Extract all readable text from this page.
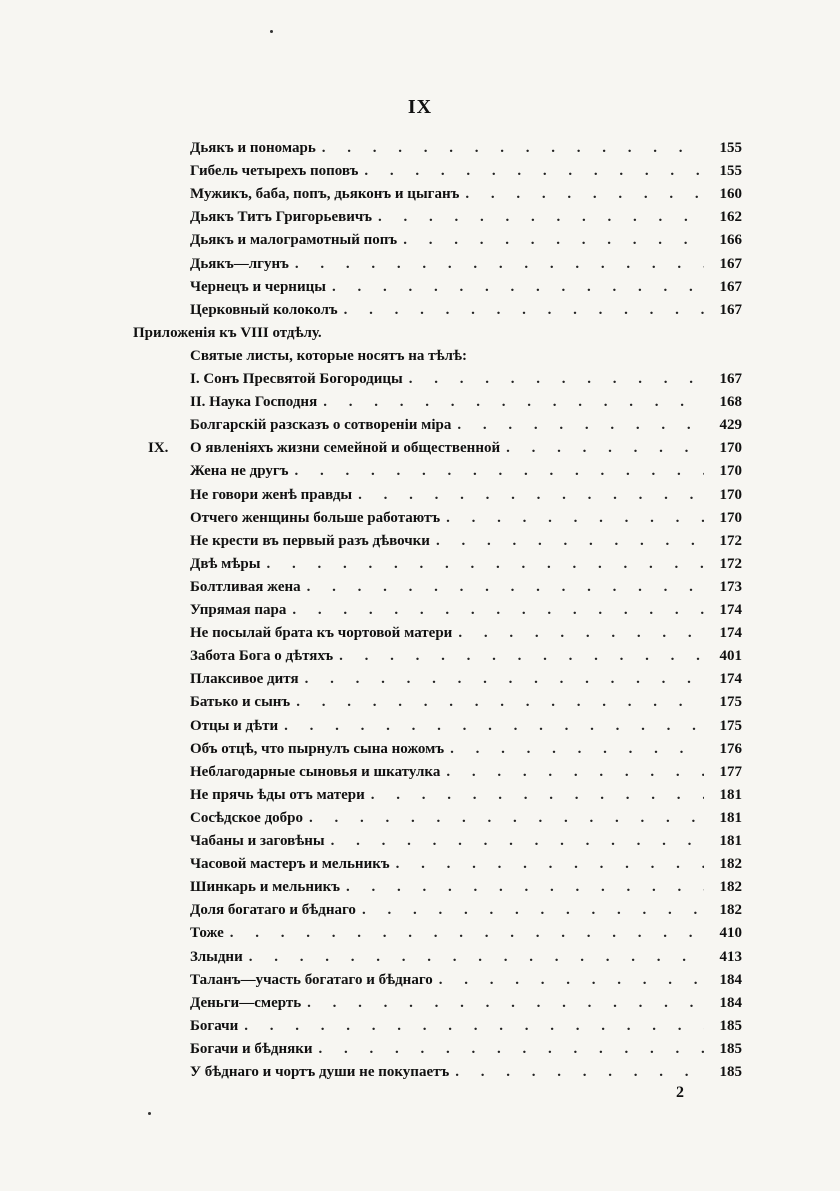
IX
Дьякъ и пономарь . . .	155
Гибель четырехъ поповъ . . .	155
Мужикъ, баба, попъ, дьяконъ и цыганъ . . .	160
Дьякъ Титъ Григорьевичъ . . .	162
Дьякъ и малограмотный попъ . . .	166
Дьякъ—лгунъ . . .	167
Чернецъ и черницы . . .	167
Церковный колоколъ . . .	167
Приложенія къ VIII отдѣлу.
Святые листы, которые носятъ на тѣлѣ:
I. Сонъ Пресвятой Богородицы . . .	167
II. Наука Господня . . .	168
Болгарскій разсказъ о сотвореніи міра . . .	429
IX.	О явленіяхъ жизни семейной и общественной . . .	170
Жена не другъ . . .	170
Не говори женѣ правды . . .	170
Отчего женщины больше работаютъ . . .	170
Не крести въ первый разъ дѣвочки . . .	172
Двѣ мѣры . . .	172
Болтливая жена . . .	173
Упрямая пара . . .	174
Не посылай брата къ чортовой матери . . .	174
Забота Бога о дѣтяхъ . . .	401
Плаксивое дитя . . .	174
Батько и сынъ . . .	175
Отцы и дѣти . . .	175
Объ отцѣ, что пырнулъ сына ножомъ . . .	176
Неблагодарные сыновья и шкатулка . . .	177
Не прячь ѣды отъ матери . . .	181
Сосѣдское добро . . .	181
Чабаны и заговѣны . . .	181
Часовой мастеръ и мельникъ . . .	182
Шинкарь и мельникъ . . .	182
Доля богатаго и бѣднаго . . .	182
Тоже . . .	410
Злыдни . . .	413
Таланъ—участь богатаго и бѣднаго . . .	184
Деньги—смерть . . .	184
Богачи . . .	185
Богачи и бѣдняки . . .	185
У бѣднаго и чортъ души не покупаетъ . . .	185
2
